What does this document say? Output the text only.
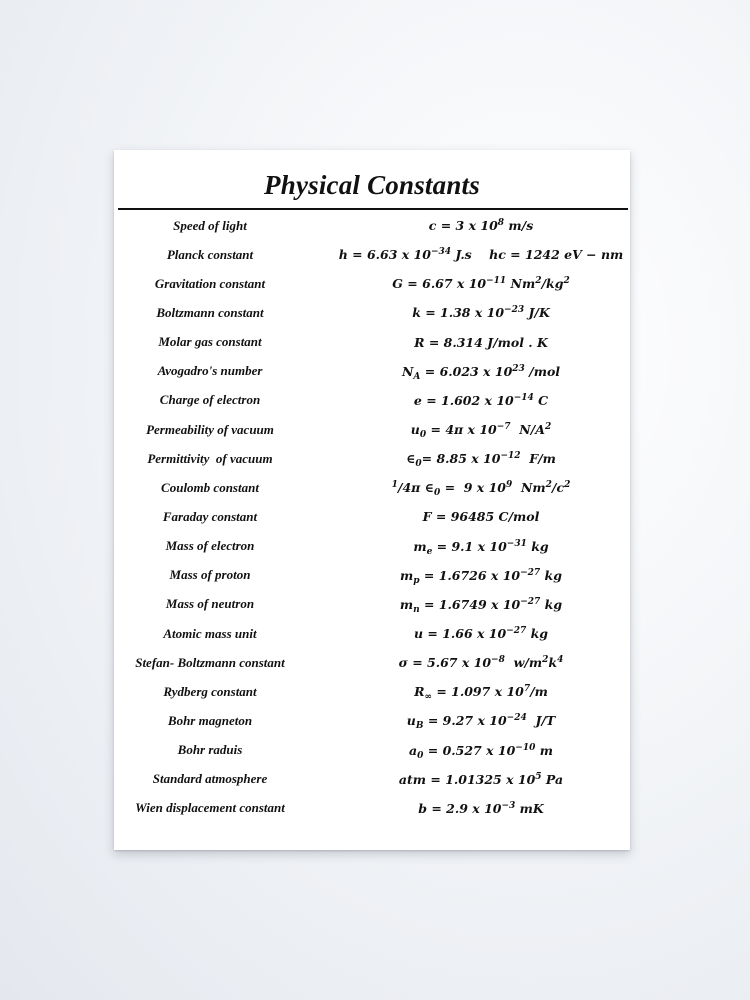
Physical Constants
Speed of light	c = 3 x $10^8$ m/s
Planck constant	h = 6.63 x $10^{-34}$ J.s    hc = 1242 eV − nm
Gravitation constant	G = 6.67 x $10^{-11}$ $Nm^2/kg^2$
Boltzmann constant	k = 1.38 x $10^{-23}$ J/K
Molar gas constant	R = 8.314 J/mol . K
Avogadro's number	$N_A = 6.023$ x $10^{23}$ /mol
Charge of electron	e = 1.602 x $10^{-14}$ C
Permeability of vacuum	$u_0 = 4\pi$ x $10^{-7}$  $N/A^2$
Permittivity  of vacuum	$\in_0= 8.85$ x $10^{-12}$  F/m
Coulomb constant	$^1$/4π $\in_0 = 9$ x $10^9$  $Nm^2/c^2$
Faraday constant	F = 96485 C/mol
Mass of electron	$m_e = 9.1$ x $10^{-31}$ kg
Mass of proton	$m_p = 1.6726$ x $10^{-27}$ kg
Mass of neutron	$m_n = 1.6749$ x $10^{-27}$ kg
Atomic mass unit	u = 1.66 x $10^{-27}$ kg
Stefan- Boltzmann constant	σ = 5.67 x $10^{-8}$  $w/m^2k^4$
Rydberg constant	$R_\infty = 1.097$ x $10^7/m$
Bohr magneton	$u_B = 9.27$ x $10^{-24}$  J/T
Bohr raduis	$a_0 = 0.527$ x $10^{-10}$ m
Standard atmosphere	atm = 1.01325 x $10^5$ Pa
Wien displacement constant	b = 2.9 x $10^{-3}$ mK
